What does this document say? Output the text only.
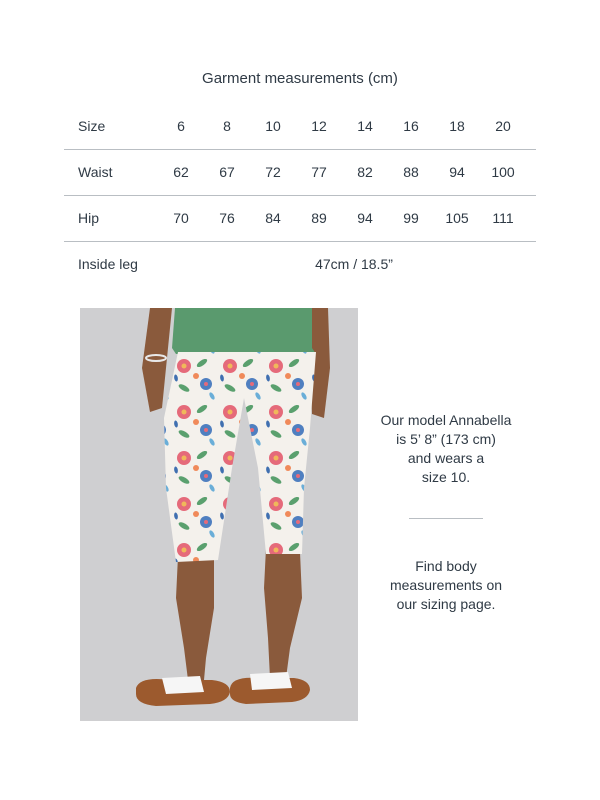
Garment measurements (cm)
Size	6	8	10	12	14	16	18	20
Waist	62	67	72	77	82	88	94	100
Hip	70	76	84	89	94	99	105	111
Inside leg	47cm / 18.5”
Our model Annabella
is 5’ 8” (173 cm)
and wears a
size 10.
Find body
measurements on
our sizing page.
